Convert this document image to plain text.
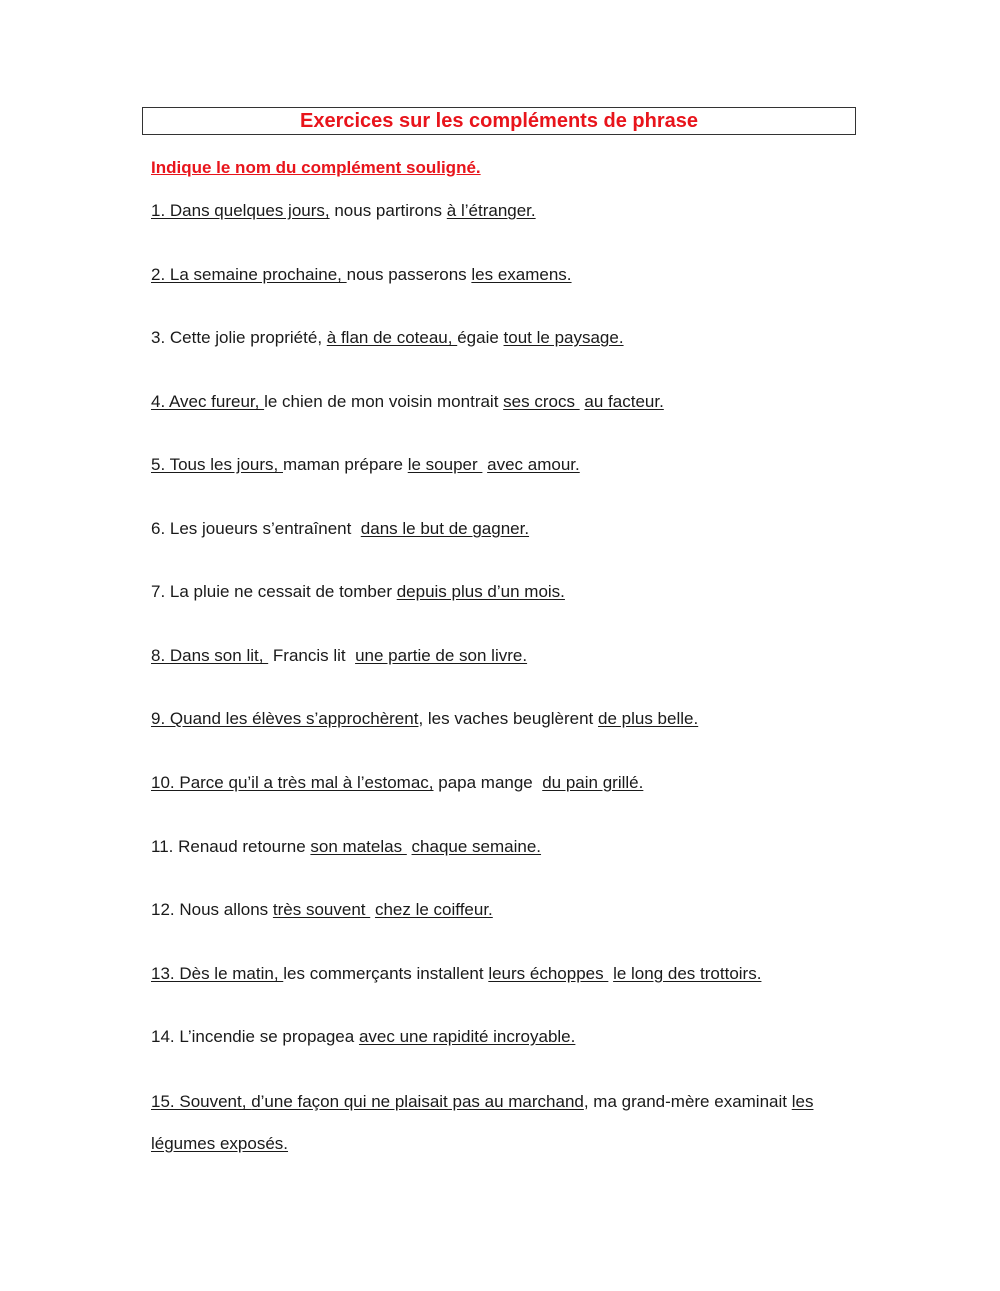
Exercices sur les compléments de phrase
Indique le nom du complément souligné.
1. Dans quelques jours, nous partirons à l’étranger.
2. La semaine prochaine, nous passerons les examens.
3. Cette jolie propriété, à flan de coteau, égaie tout le paysage.
4. Avec fureur, le chien de mon voisin montrait ses crocs  au facteur.
5. Tous les jours, maman prépare le souper  avec amour.
6. Les joueurs s’entraînent  dans le but de gagner.
7. La pluie ne cessait de tomber depuis plus d’un mois.
8. Dans son lit,  Francis lit  une partie de son livre.
9. Quand les élèves s’approchèrent, les vaches beuglèrent de plus belle.
10. Parce qu’il a très mal à l’estomac, papa mange  du pain grillé.
11. Renaud retourne son matelas  chaque semaine.
12. Nous allons très souvent  chez le coiffeur.
13. Dès le matin, les commerçants installent leurs échoppes  le long des trottoirs.
14. L’incendie se propagea avec une rapidité incroyable.
15. Souvent, d’une façon qui ne plaisait pas au marchand, ma grand-mère examinait les légumes exposés.
